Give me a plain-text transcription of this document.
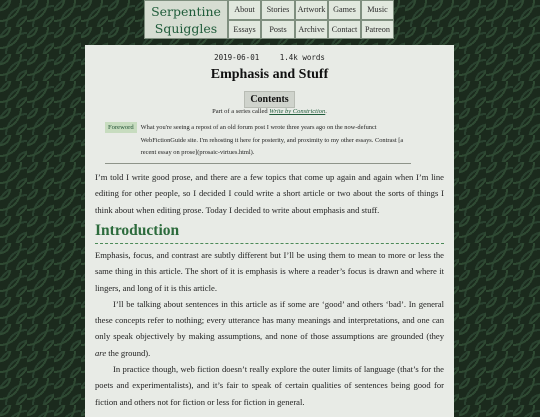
Serpentine
Squiggles
About	Stories	Artwork Games	Music
Essays	Posts	Archive Contact Patreon
2019-06-01	1.4k words
Emphasis and Stuff
Contents
Part of a series called Write by Constriction.
Foreword	What you're seeing a repost of an old forum post I wrote three years ago on the now-defunct WebFictionGuide site. I'm rehosting it here for posterity, and proximity to my other essays. Contrast [a recent essay on prose](prosaic-virtues.html).

I’m told I write good prose, and there are a few topics that come up again and again when I’m line editing for other people, so I decided I could write a short article or two about the sorts of things I think about when editing prose. Today I decided to write about emphasis and stuff.

Introduction

Emphasis, focus, and contrast are subtly different but I’ll be using them to mean to more or less the same thing in this article. The short of it is emphasis is where a reader’s focus is drawn and where it lingers, and long of it is this article.

I’ll be talking about sentences in this article as if some are ‘good’ and others ‘bad’. In general these concepts refer to nothing; every utterance has many meanings and interpretations, and one can only speak objectively by making assumptions, and none of those assumptions are grounded (they are the ground).

In practice though, web fiction doesn’t really explore the outer limits of language (that’s for the poets and experimentalists), and it’s fair to speak of certain qualities of sentences being good for fiction and others not for fiction or less for fiction in general.
